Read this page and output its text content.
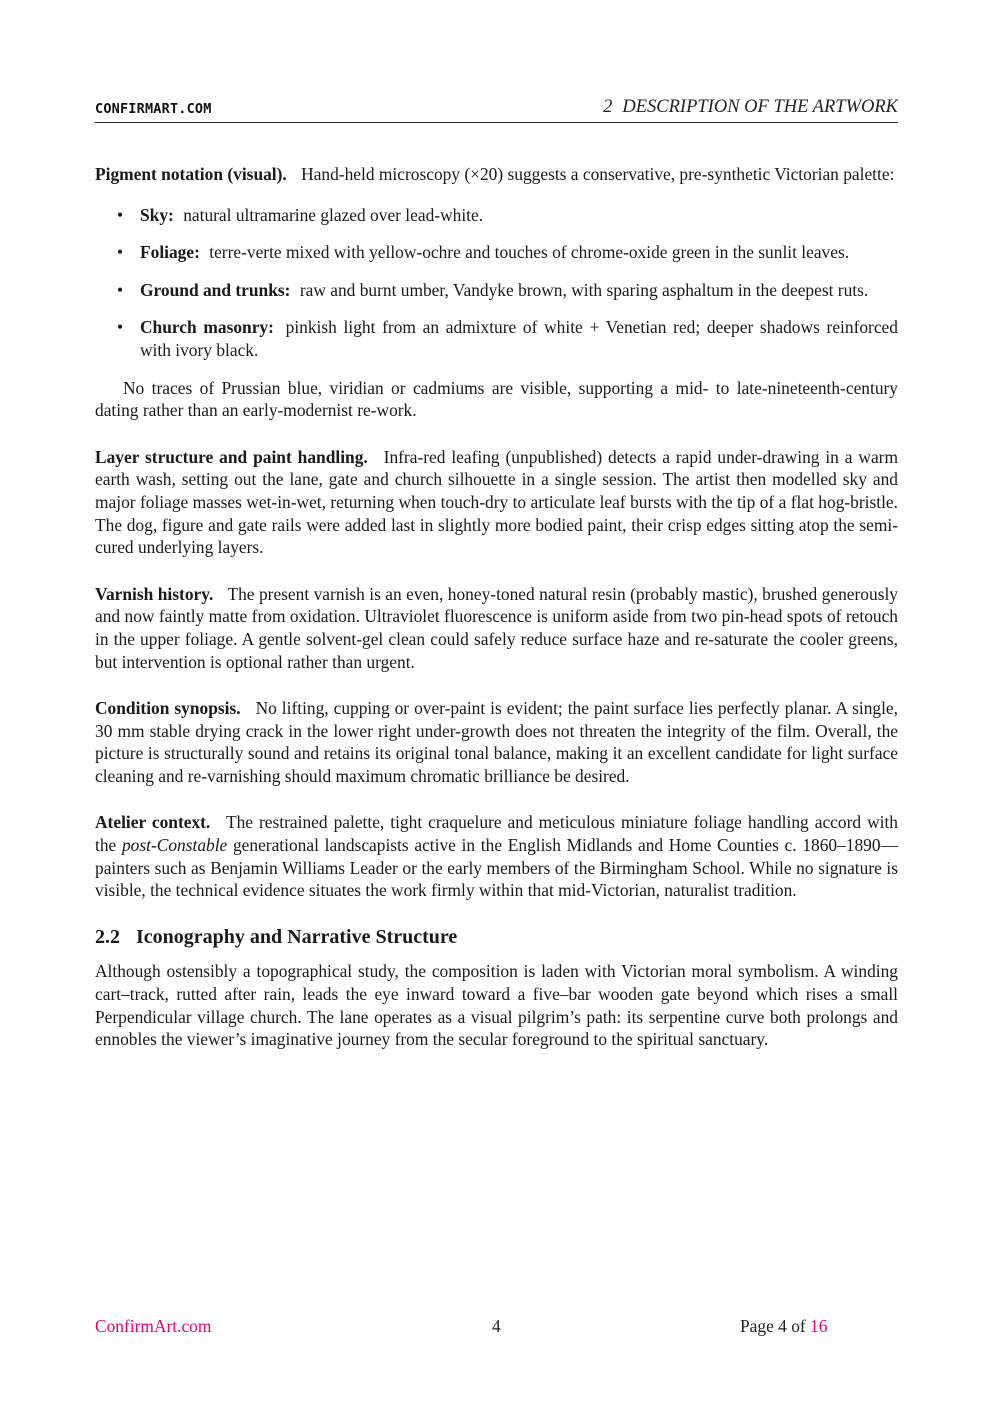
CONFIRMART.COM	2 DESCRIPTION OF THE ARTWORK

Pigment notation (visual). Hand-held microscopy (×20) suggests a conservative, pre-synthetic Victorian palette:

• Sky: natural ultramarine glazed over lead-white.
• Foliage: terre-verte mixed with yellow-ochre and touches of chrome-oxide green in the sunlit leaves.
• Ground and trunks: raw and burnt umber, Vandyke brown, with sparing asphaltum in the deepest ruts.
• Church masonry: pinkish light from an admixture of white + Venetian red; deeper shadows reinforced with ivory black.

No traces of Prussian blue, viridian or cadmiums are visible, supporting a mid- to late-nineteenth-century dating rather than an early-modernist re-work.

Layer structure and paint handling. Infra-red leafing (unpublished) detects a rapid under-drawing in a warm earth wash, setting out the lane, gate and church silhouette in a single session. The artist then modelled sky and major foliage masses wet-in-wet, returning when touch-dry to articulate leaf bursts with the tip of a flat hog-bristle. The dog, figure and gate rails were added last in slightly more bodied paint, their crisp edges sitting atop the semi-cured underlying layers.

Varnish history. The present varnish is an even, honey-toned natural resin (probably mastic), brushed generously and now faintly matte from oxidation. Ultraviolet fluorescence is uniform aside from two pin-head spots of retouch in the upper foliage. A gentle solvent-gel clean could safely reduce surface haze and re-saturate the cooler greens, but intervention is optional rather than urgent.

Condition synopsis. No lifting, cupping or over-paint is evident; the paint surface lies perfectly planar. A single, 30 mm stable drying crack in the lower right under-growth does not threaten the integrity of the film. Overall, the picture is structurally sound and retains its original tonal balance, making it an excellent candidate for light surface cleaning and re-varnishing should maximum chromatic brilliance be desired.

Atelier context. The restrained palette, tight craquelure and meticulous miniature foliage handling accord with the post-Constable generational landscapists active in the English Midlands and Home Counties c. 1860–1890—painters such as Benjamin Williams Leader or the early members of the Birmingham School. While no signature is visible, the technical evidence situates the work firmly within that mid-Victorian, naturalist tradition.

2.2 Iconography and Narrative Structure

Although ostensibly a topographical study, the composition is laden with Victorian moral symbolism. A winding cart–track, rutted after rain, leads the eye inward toward a five–bar wooden gate beyond which rises a small Perpendicular village church. The lane operates as a visual pilgrim’s path: its serpentine curve both prolongs and ennobles the viewer’s imaginative journey from the secular foreground to the spiritual sanctuary.

ConfirmArt.com	4	Page 4 of 16
